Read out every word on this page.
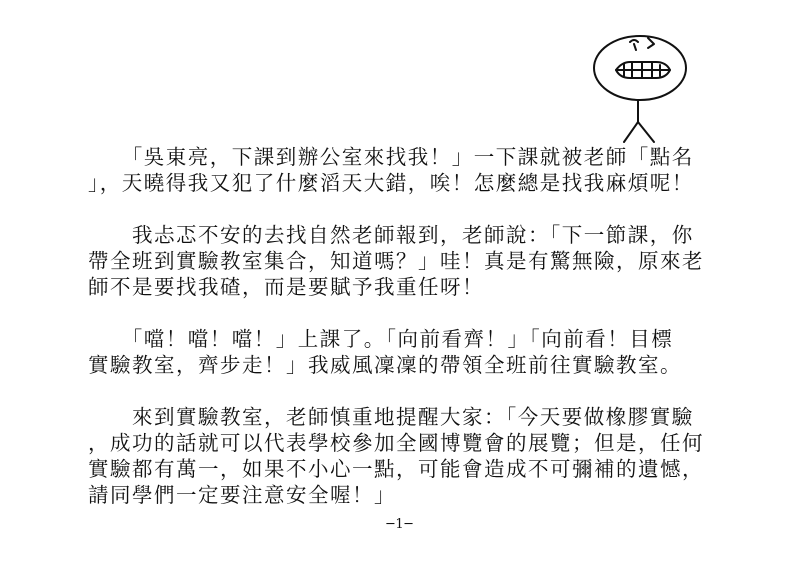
　　「吳東亮，下課到辦公室來找我！」一下課就被老師「點名
」，天曉得我又犯了什麼滔天大錯，唉！怎麼總是找我麻煩呢！

　　我忐忑不安的去找自然老師報到，老師說：「下一節課，你
帶全班到實驗教室集合，知道嗎？」哇！真是有驚無險，原來老
師不是要找我碴，而是要賦予我重任呀！

　　「噹！噹！噹！」上課了。「向前看齊！」「向前看！目標
實驗教室，齊步走！」我威風凜凜的帶領全班前往實驗教室。

　　來到實驗教室，老師慎重地提醒大家：「今天要做橡膠實驗
，成功的話就可以代表學校參加全國博覽會的展覽；但是，任何
實驗都有萬一，如果不小心一點，可能會造成不可彌補的遺憾，
請同學們一定要注意安全喔！」

─1─
